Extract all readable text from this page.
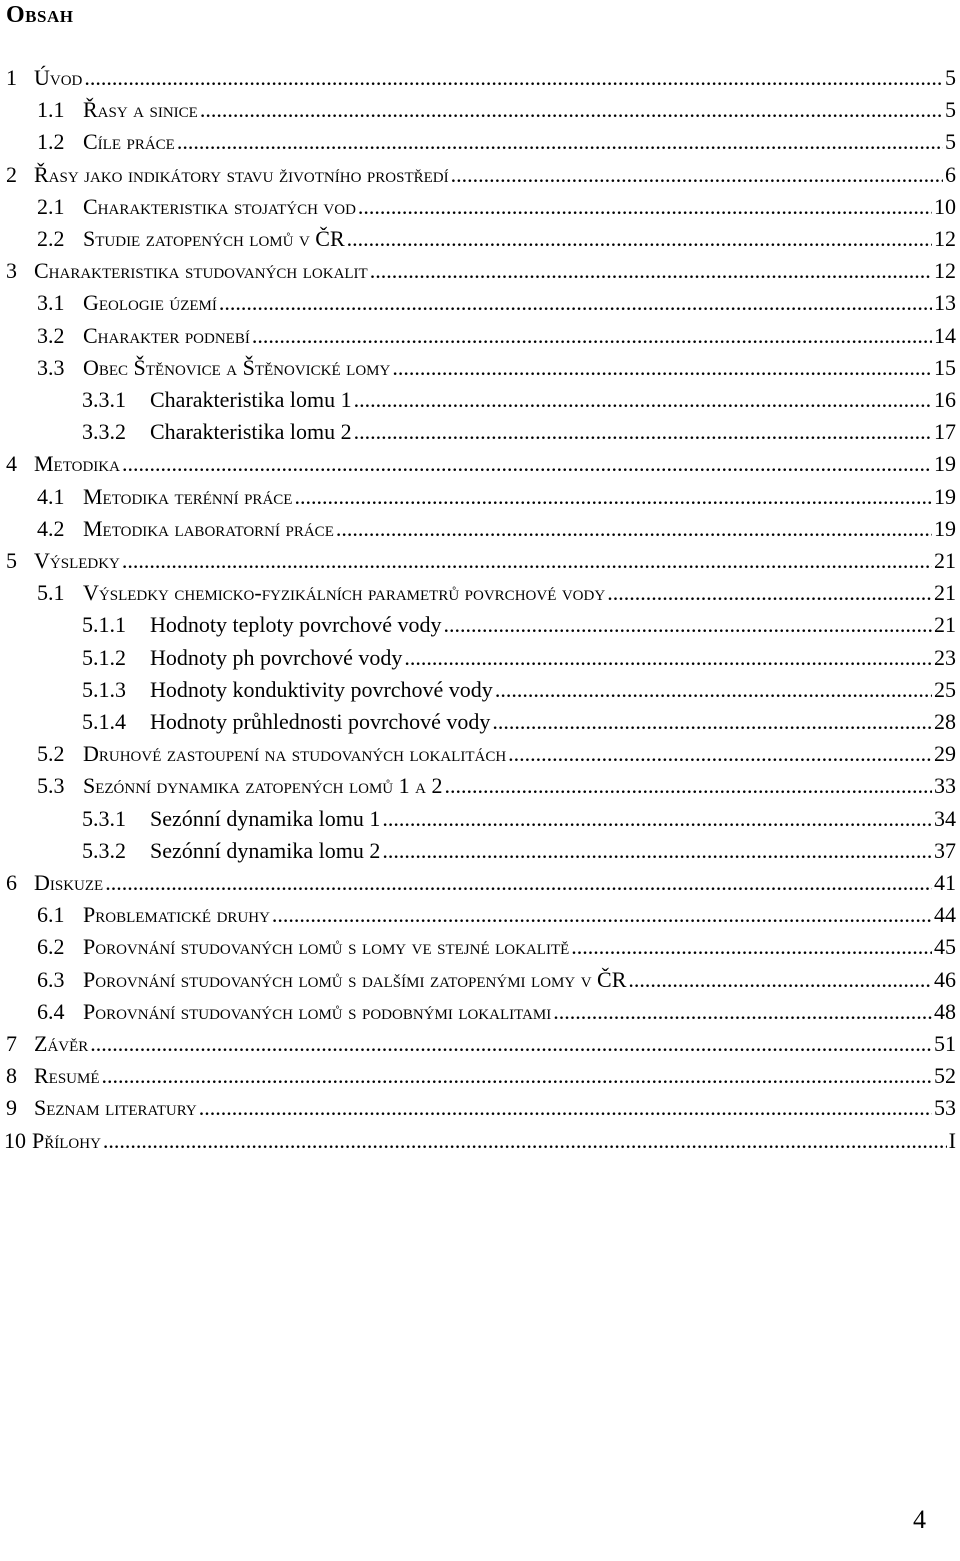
Obsah
1 Úvod .....	5
1.1 Řasy a sinice .....	5
1.2 Cíle práce .....	5
2 Řasy jako indikátory stavu životního prostředí .....	6
2.1 Charakteristika stojatých vod .....	10
2.2 Studie zatopených lomů v ČR .....	12
3 Charakteristika studovaných lokalit .....	12
3.1 Geologie území .....	13
3.2 Charakter podnebí .....	14
3.3 Obec Štěnovice a Štěnovické lomy .....	15
3.3.1	Charakteristika lomu 1 .....	16
3.3.2	Charakteristika lomu 2 .....	17
4 Metodika .....	19
4.1 Metodika terénní práce .....	19
4.2 Metodika laboratorní práce .....	19
5 Výsledky .....	21
5.1 Výsledky chemicko-fyzikálních parametrů povrchové vody .....	21
5.1.1	Hodnoty teploty povrchové vody .....	21
5.1.2	Hodnoty ph povrchové vody .....	23
5.1.3	Hodnoty konduktivity povrchové vody .....	25
5.1.4	Hodnoty průhlednosti povrchové vody .....	28
5.2 Druhové zastoupení na studovaných lokalitách .....	29
5.3 Sezónní dynamika zatopených lomů 1 a 2 .....	33
5.3.1	Sezónní dynamika lomu 1 .....	34
5.3.2	Sezónní dynamika lomu 2 .....	37
6 Diskuze .....	41
6.1 Problematické druhy .....	44
6.2 Porovnání studovaných lomů s lomy ve stejné lokalitě .....	45
6.3 Porovnání studovaných lomů s dalšími zatopenými lomy v ČR .....	46
6.4 Porovnání studovaných lomů s podobnými lokalitami .....	48
7 Závěr .....	51
8 Resumé .....	52
9 Seznam literatury .....	53
10 Přílohy .....	I
4
